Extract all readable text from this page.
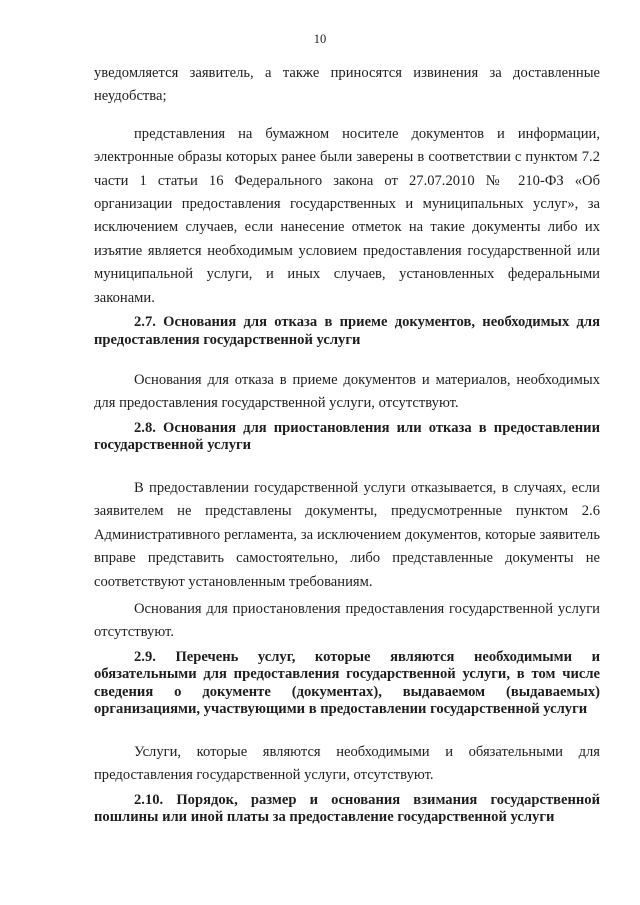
10

уведомляется заявитель, а также приносятся извинения за доставленные неудобства;

представления на бумажном носителе документов и информации, электронные образы которых ранее были заверены в соответствии с пунктом 7.2 части 1 статьи 16 Федерального закона от 27.07.2010 № 210-ФЗ «Об организации предоставления государственных и муниципальных услуг», за исключением случаев, если нанесение отметок на такие документы либо их изъятие является необходимым условием предоставления государственной или муниципальной услуги, и иных случаев, установленных федеральными законами.

2.7. Основания для отказа в приеме документов, необходимых для предоставления государственной услуги

Основания для отказа в приеме документов и материалов, необходимых для предоставления государственной услуги, отсутствуют.

2.8. Основания для приостановления или отказа в предоставлении государственной услуги

В предоставлении государственной услуги отказывается, в случаях, если заявителем не представлены документы, предусмотренные пунктом 2.6 Административного регламента, за исключением документов, которые заявитель вправе представить самостоятельно, либо представленные документы не соответствуют установленным требованиям.

Основания для приостановления предоставления государственной услуги отсутствуют.

2.9. Перечень услуг, которые являются необходимыми и обязательными для предоставления государственной услуги, в том числе сведения о документе (документах), выдаваемом (выдаваемых) организациями, участвующими в предоставлении государственной услуги

Услуги, которые являются необходимыми и обязательными для предоставления государственной услуги, отсутствуют.

2.10. Порядок, размер и основания взимания государственной пошлины или иной платы за предоставление государственной услуги
